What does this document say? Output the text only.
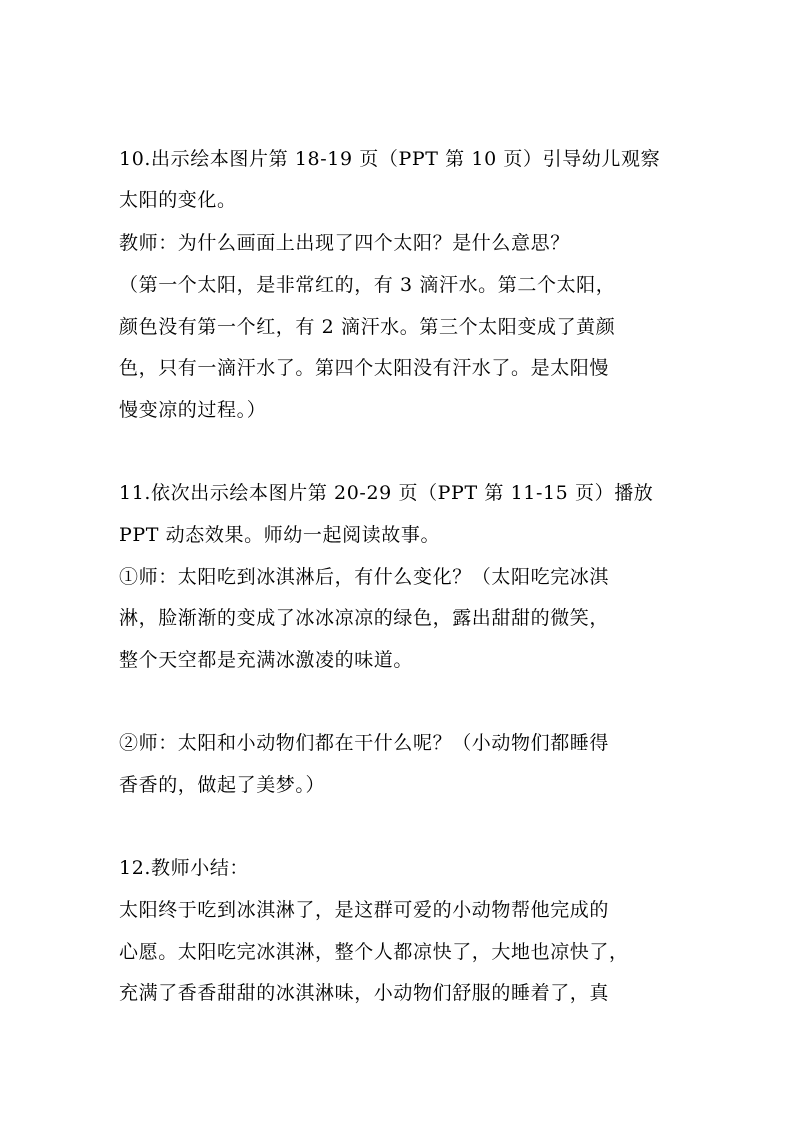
10.出示绘本图片第 18-19 页（PPT 第 10 页）引导幼儿观察
太阳的变化。
教师：为什么画面上出现了四个太阳？是什么意思？
（第一个太阳，是非常红的，有 3 滴汗水。第二个太阳，
颜色没有第一个红，有 2 滴汗水。第三个太阳变成了黄颜
色，只有一滴汗水了。第四个太阳没有汗水了。是太阳慢
慢变凉的过程。）
11.依次出示绘本图片第 20-29 页（PPT 第 11-15 页）播放
PPT 动态效果。师幼一起阅读故事。
①师：太阳吃到冰淇淋后，有什么变化？（太阳吃完冰淇
淋，脸渐渐的变成了冰冰凉凉的绿色，露出甜甜的微笑，
整个天空都是充满冰激凌的味道。
②师：太阳和小动物们都在干什么呢？（小动物们都睡得
香香的，做起了美梦。）
12.教师小结：
太阳终于吃到冰淇淋了，是这群可爱的小动物帮他完成的
心愿。太阳吃完冰淇淋，整个人都凉快了，大地也凉快了，
充满了香香甜甜的冰淇淋味，小动物们舒服的睡着了，真
